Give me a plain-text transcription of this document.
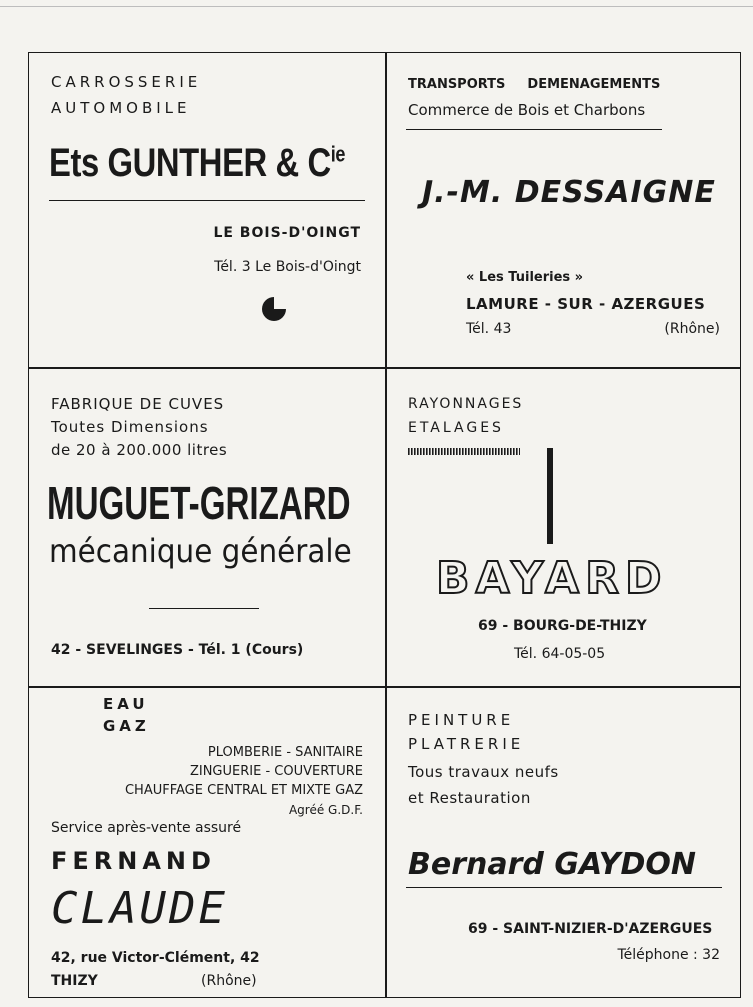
CARROSSERIE
AUTOMOBILE
Ets GUNTHER & $C^{ie}$
LE BOIS-D'OINGT
Tél. 3 Le Bois-d'Oingt
TRANSPORTS DEMENAGEMENTS
Commerce de Bois et Charbons
J.-M. DESSAIGNE
« Les Tuileries »
LAMURE - SUR - AZERGUES
Tél. 43	(Rhône)
FABRIQUE DE CUVES
Toutes Dimensions
de 20 à 200.000 litres
MUGUET-GRIZARD
mécanique générale
42 - SEVELINGES - Tél. 1 (Cours)
RAYONNAGES
ETALAGES
BAYARD
69 - BOURG-DE-THIZY
Tél. 64-05-05
EAU
GAZ
PLOMBERIE - SANITAIRE
ZINGUERIE - COUVERTURE
CHAUFFAGE CENTRAL ET MIXTE GAZ
Agréé G.D.F.
Service après-vente assuré
FERNAND
CLAUDE
42, rue Victor-Clément, 42
THIZY	(Rhône)
PEINTURE
PLATRERIE
Tous travaux neufs
et Restauration
Bernard GAYDON
69 - SAINT-NIZIER-D'AZERGUES
Téléphone : 32
